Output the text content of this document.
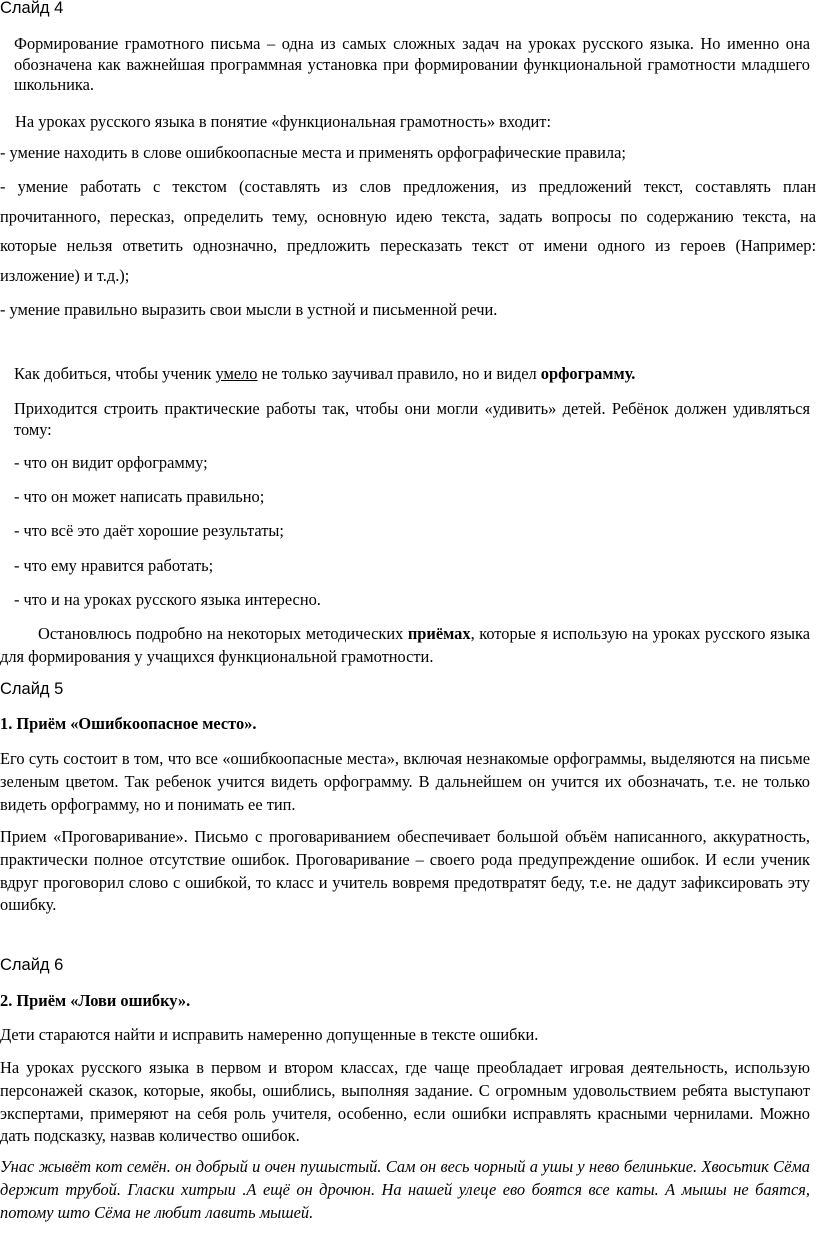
Слайд 4
Формирование грамотного письма – одна из самых сложных задач на уроках русского языка. Но именно она обозначена как важнейшая программная установка при формировании функциональной грамотности младшего школьника.
На уроках русского языка в понятие «функциональная грамотность» входит:
- умение находить в слове ошибкоопасные места и применять орфографические правила;
- умение работать с текстом (составлять из слов предложения, из предложений текст, составлять план прочитанного, пересказ, определить тему, основную идею текста, задать вопросы по содержанию текста, на которые нельзя ответить однозначно, предложить пересказать текст от имени одного из героев (Например: изложение) и т.д.);
- умение правильно выразить свои мысли в устной и письменной речи.
Как добиться, чтобы ученик умело не только заучивал правило, но и видел орфограмму.
Приходится строить практические работы так, чтобы они могли «удивить» детей. Ребёнок должен удивляться тому:
- что он видит орфограмму;
- что он может написать правильно;
- что всё это даёт хорошие результаты;
- что ему нравится работать;
- что и на уроках русского языка интересно.
Остановлюсь подробно на некоторых методических приёмах, которые я использую на уроках русского языка для формирования у учащихся функциональной грамотности.
Слайд 5
1. Приём «Ошибкоопасное место».
Его суть состоит в том, что все «ошибкоопасные места», включая незнакомые орфограммы, выделяются на письме зеленым цветом. Так ребенок учится видеть орфограмму. В дальнейшем он учится их обозначать, т.е. не только видеть орфограмму, но и понимать ее тип.
Прием «Проговаривание». Письмо с проговариванием обеспечивает большой объём написанного, аккуратность, практически полное отсутствие ошибок. Проговаривание – своего рода предупреждение ошибок. И если ученик вдруг проговорил слово с ошибкой, то класс и учитель вовремя предотвратят беду, т.е. не дадут зафиксировать эту ошибку.
Слайд 6
2. Приём «Лови ошибку».
Дети стараются найти и исправить намеренно допущенные в тексте ошибки.
На уроках русского языка в первом и втором классах, где чаще преобладает игровая деятельность, использую персонажей сказок, которые, якобы, ошиблись, выполняя задание. С огромным удовольствием ребята выступают экспертами, примеряют на себя роль учителя, особенно, если ошибки исправлять красными чернилами. Можно дать подсказку, назвав количество ошибок.
Унас жывёт кот семён. он добрый и очен пушыстый. Сам он весь чорный а ушы у нево белинькие. Хвосьтик Сёма держит трубой. Гласки хитрыи .А ещё он дрочюн. На нашей улеце ево боятся все каты. А мышы не баятся, потому што Сёма не любит лавить мышей.
